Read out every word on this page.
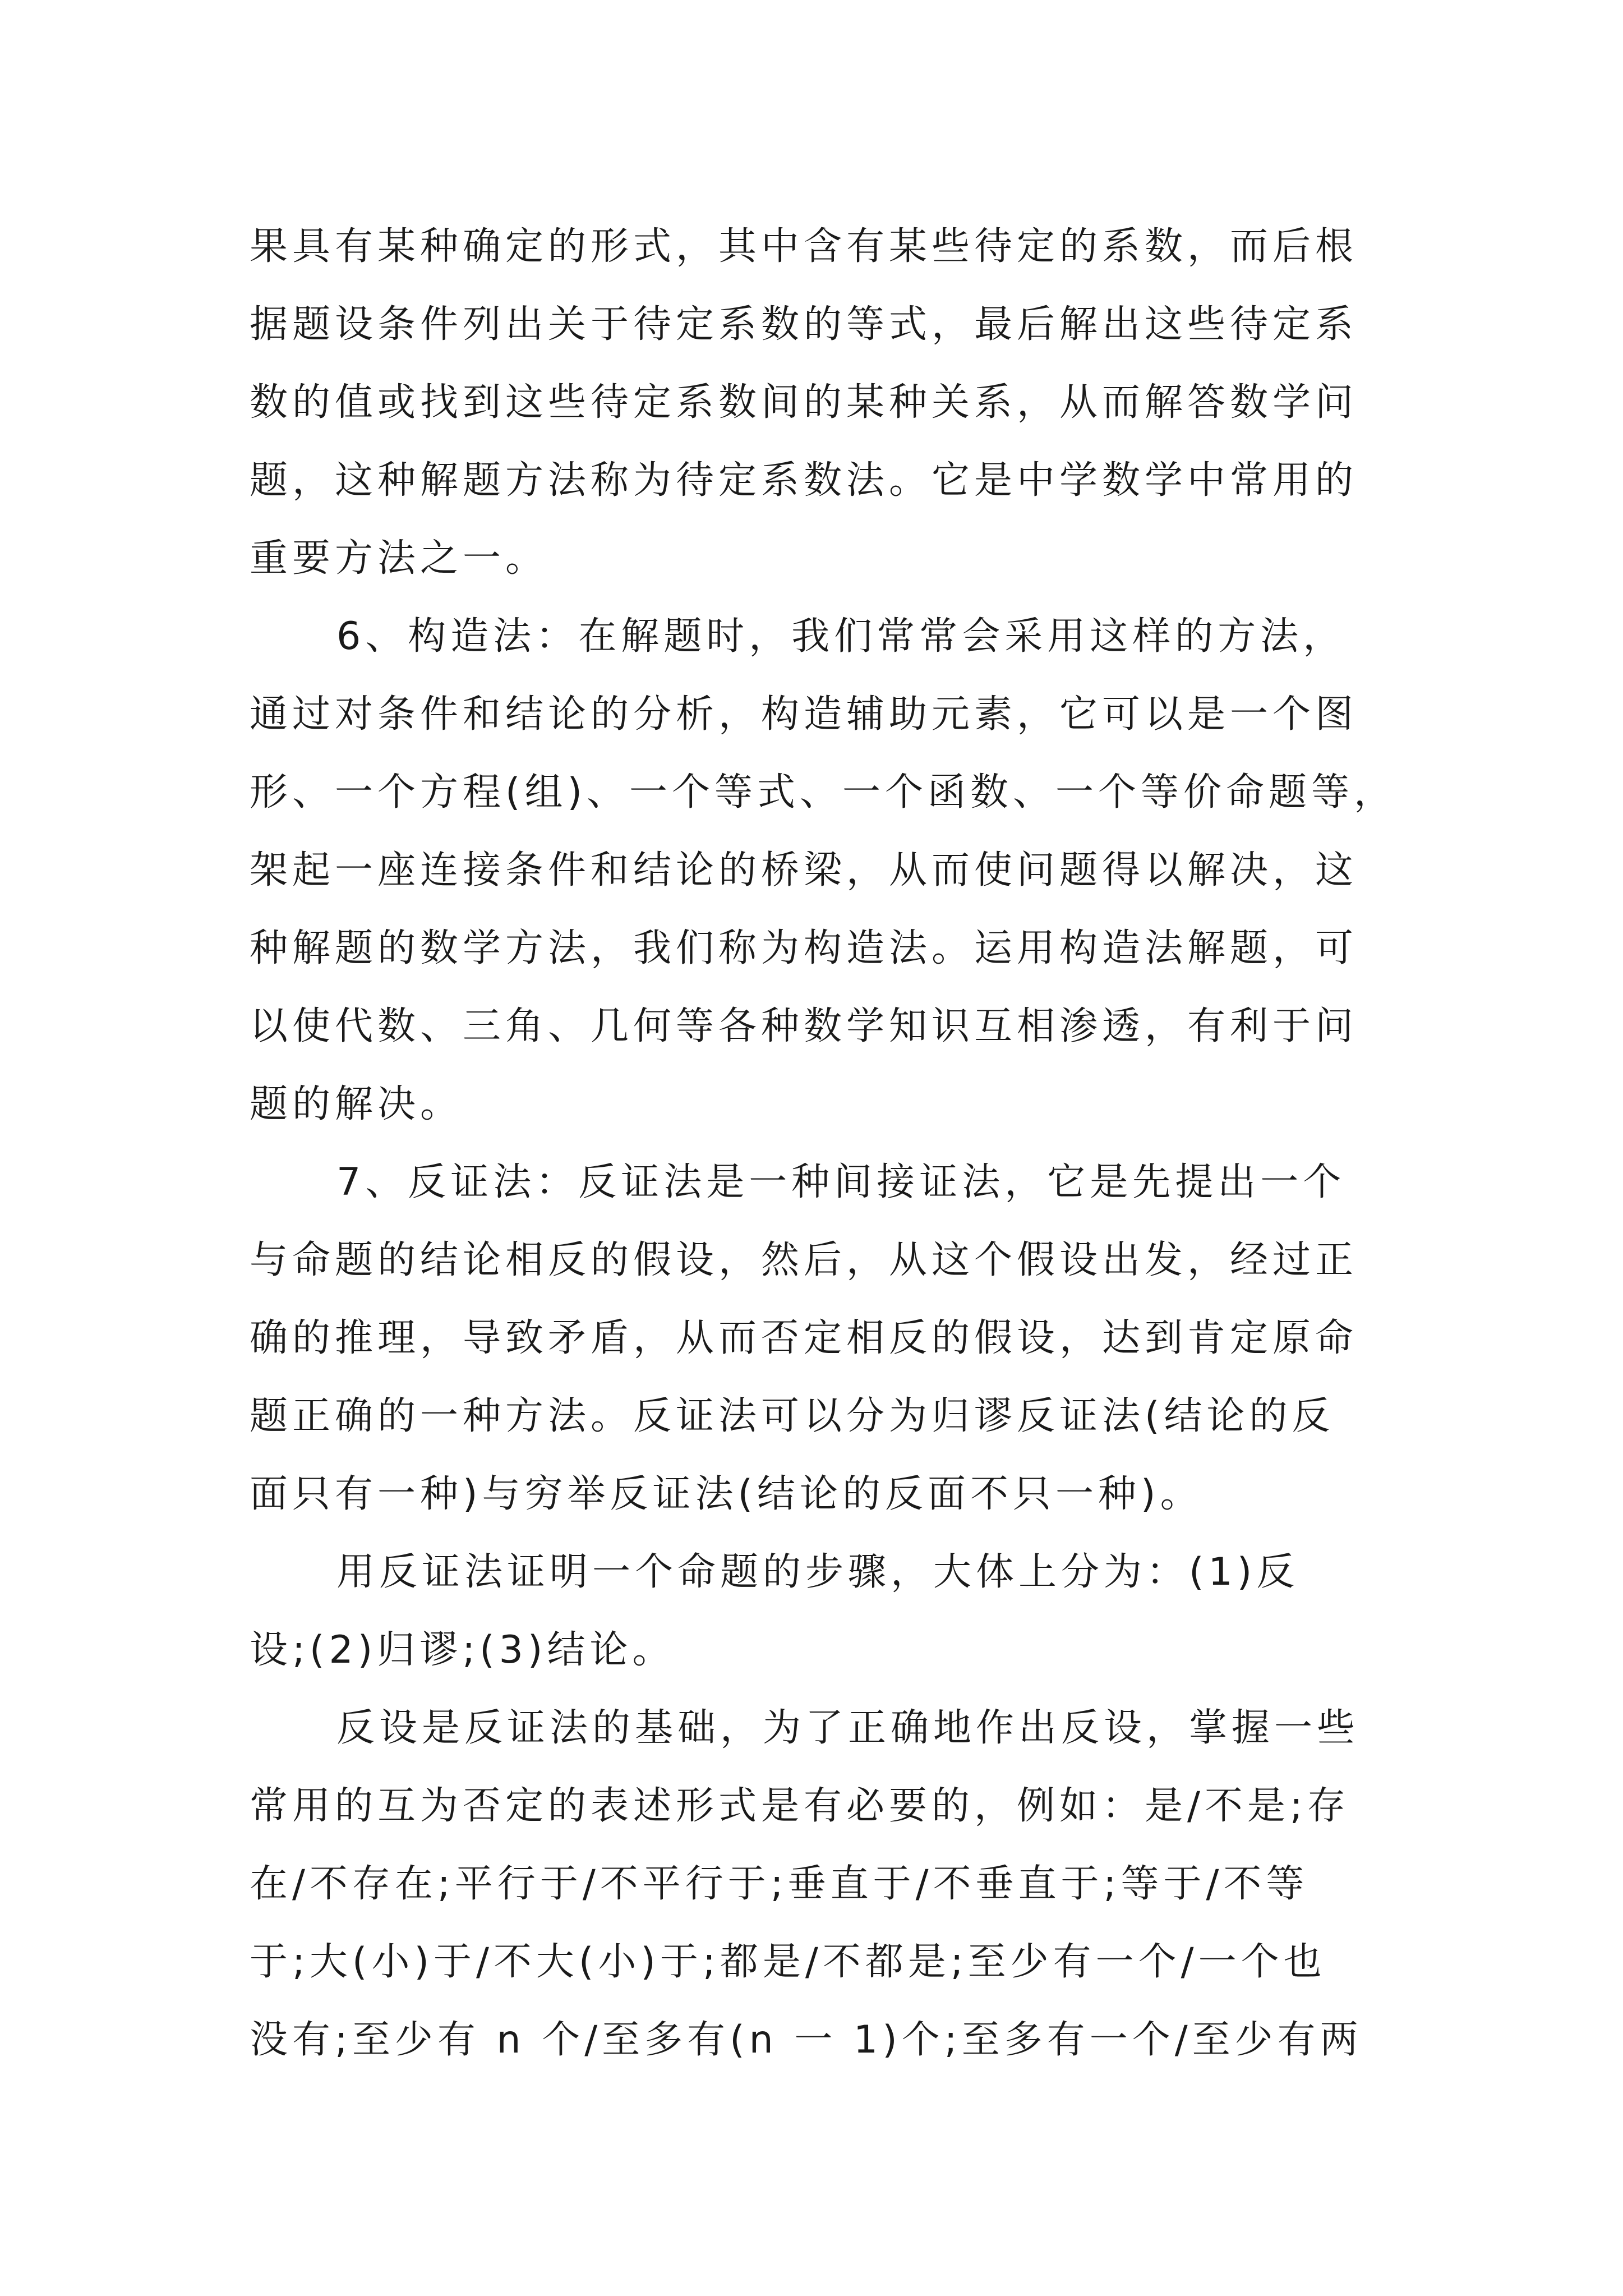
果具有某种确定的形式，其中含有某些待定的系数，而后根
据题设条件列出关于待定系数的等式，最后解出这些待定系
数的值或找到这些待定系数间的某种关系，从而解答数学问
题，这种解题方法称为待定系数法。它是中学数学中常用的
重要方法之一。
6、构造法：在解题时，我们常常会采用这样的方法，
通过对条件和结论的分析，构造辅助元素，它可以是一个图
形、一个方程(组)、一个等式、一个函数、一个等价命题等，
架起一座连接条件和结论的桥梁，从而使问题得以解决，这
种解题的数学方法，我们称为构造法。运用构造法解题，可
以使代数、三角、几何等各种数学知识互相渗透，有利于问
题的解决。
7、反证法：反证法是一种间接证法，它是先提出一个
与命题的结论相反的假设，然后，从这个假设出发，经过正
确的推理，导致矛盾，从而否定相反的假设，达到肯定原命
题正确的一种方法。反证法可以分为归谬反证法(结论的反
面只有一种)与穷举反证法(结论的反面不只一种)。
用反证法证明一个命题的步骤，大体上分为：(1)反
设;(2)归谬;(3)结论。
反设是反证法的基础，为了正确地作出反设，掌握一些
常用的互为否定的表述形式是有必要的，例如：是/不是;存
在/不存在;平行于/不平行于;垂直于/不垂直于;等于/不等
于;大(小)于/不大(小)于;都是/不都是;至少有一个/一个也
没有;至少有 n 个/至多有(n 一 1)个;至多有一个/至少有两
